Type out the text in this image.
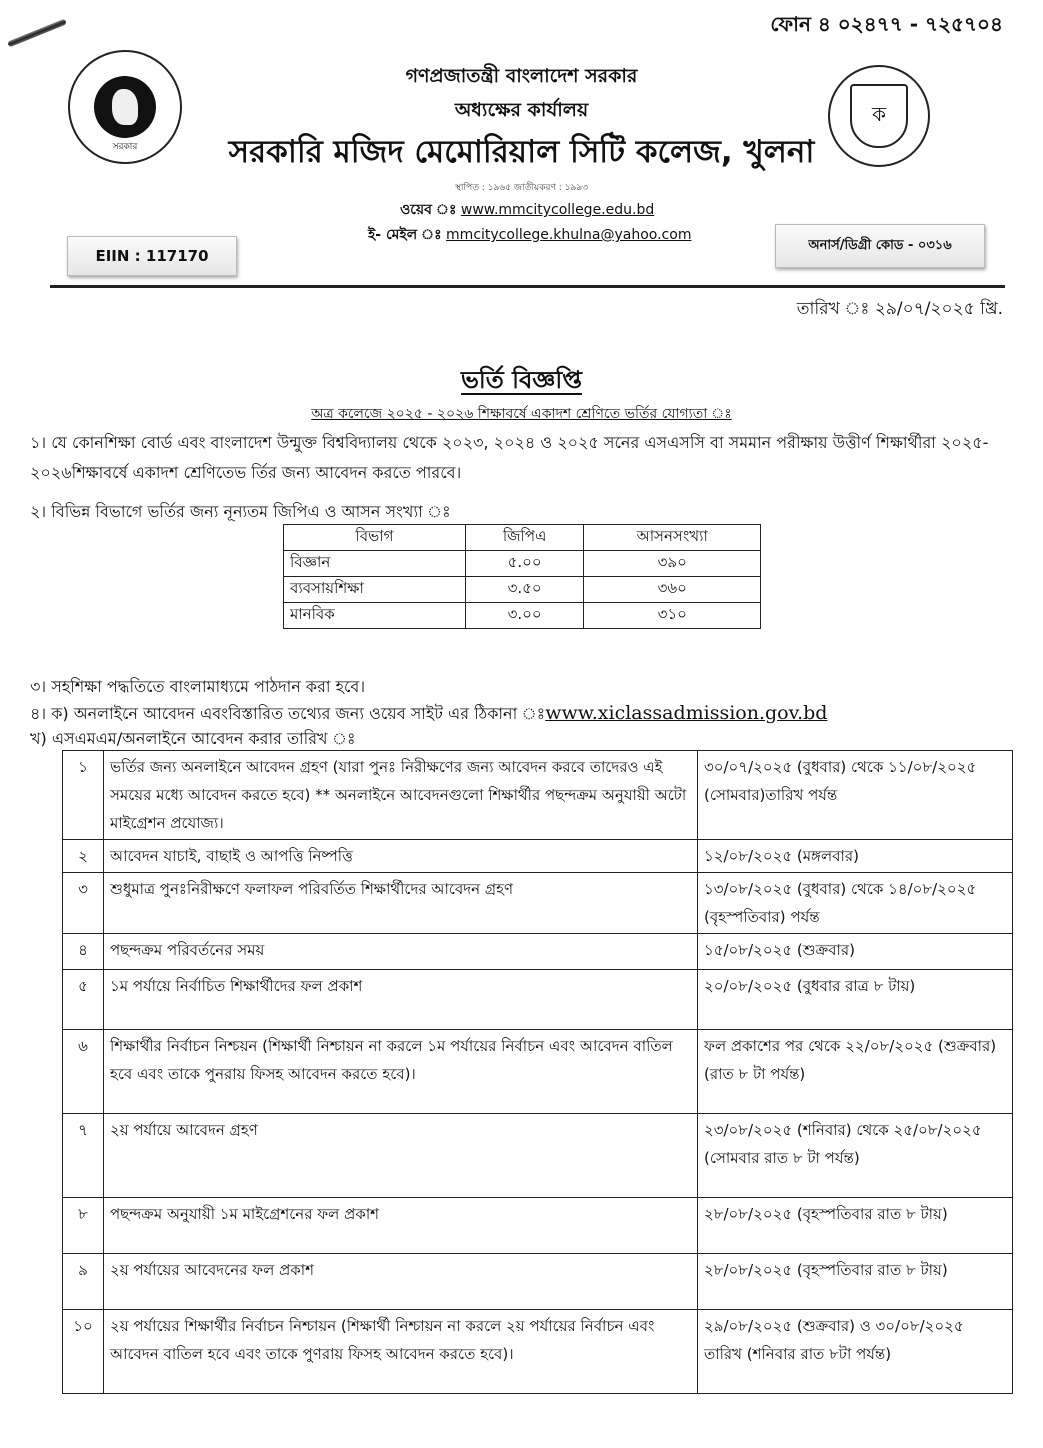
ফোন ৪ ০২৪৭৭ - ৭২৫৭০৪
সরকার
ক
গণপ্রজাতন্ত্রী বাংলাদেশ সরকার
অধ্যক্ষের কার্যালয়
সরকারি মজিদ মেমোরিয়াল সিটি কলেজ, খুলনা
স্থাপিত : ১৯৬৫ জাতীয়করণ : ১৯৯৩
ওয়েব ঃ www.mmcitycollege.edu.bd
ই- মেইল ঃ mmcitycollege.khulna@yahoo.com
EIIN : 117170
অনার্স/ডিগ্রী কোড - ০৩১৬
তারিখ ঃ ২৯/০৭/২০২৫ খ্রি.
ভর্তি বিজ্ঞপ্তি
অত্র কলেজে ২০২৫ - ২০২৬ শিক্ষাবর্ষে একাদশ শ্রেণিতে ভর্তির যোগ্যতা ঃ
১। যে কোনশিক্ষা বোর্ড এবং বাংলাদেশ উন্মুক্ত বিশ্ববিদ্যালয় থেকে ২০২৩, ২০২৪ ও ২০২৫ সনের এসএসসি বা সমমান পরীক্ষায় উত্তীর্ণ শিক্ষার্থীরা ২০২৫- ২০২৬শিক্ষাবর্ষে একাদশ শ্রেণিতেভ র্তির জন্য আবেদন করতে পারবে।
২। বিভিন্ন বিভাগে ভর্তির জন্য নূন্যতম জিপিএ ও আসন সংখ্যা ঃ
বিভাগ	জিপিএ	আসনসংখ্যা
বিজ্ঞান	৫.০০	৩৯০
ব্যবসায়শিক্ষা	৩.৫০	৩৬০
মানবিক	৩.০০	৩১০
৩। সহশিক্ষা পদ্ধতিতে বাংলামাধ্যমে পাঠদান করা হবে।
৪। ক) অনলাইনে আবেদন এবংবিস্তারিত তথ্যের জন্য ওয়েব সাইট এর ঠিকানা ঃwww.xiclassadmission.gov.bd
খ) এসএমএম/অনলাইনে আবেদন করার তারিখ ঃ
১	ভর্তির জন্য অনলাইনে আবেদন গ্রহণ (যারা পুনঃ নিরীক্ষণের জন্য আবেদন করবে তাদেরও এই সময়ের মধ্যে আবেদন করতে হবে) ** অনলাইনে আবেদনগুলো শিক্ষার্থীর পছন্দক্রম অনুযায়ী অটো মাইগ্রেশন প্রযোজ্য।	৩০/০৭/২০২৫ (বুধবার) থেকে ১১/০৮/২০২৫ (সোমবার)তারিখ পর্যন্ত
২	আবেদন যাচাই, বাছাই ও আপত্তি নিষ্পত্তি	১২/০৮/২০২৫ (মঙ্গলবার)
৩	শুধুমাত্র পুনঃনিরীক্ষণে ফলাফল পরিবর্তিত শিক্ষার্থীদের আবেদন গ্রহণ	১৩/০৮/২০২৫ (বুধবার) থেকে ১৪/০৮/২০২৫ (বৃহস্পতিবার) পর্যন্ত
৪	পছন্দক্রম পরিবর্তনের সময়	১৫/০৮/২০২৫ (শুক্রবার)
৫	১ম পর্যায়ে নির্বাচিত শিক্ষার্থীদের ফল প্রকাশ	২০/০৮/২০২৫ (বুধবার রাত্র ৮ টায়)
৬	শিক্ষার্থীর নির্বাচন নিশ্চয়ন (শিক্ষার্থী নিশ্চায়ন না করলে ১ম পর্যায়ের নির্বাচন এবং আবেদন বাতিল হবে এবং তাকে পুনরায় ফিসহ আবেদন করতে হবে)।	ফল প্রকাশের পর থেকে ২২/০৮/২০২৫ (শুক্রবার) (রাত ৮ টা পর্যন্ত)
৭	২য় পর্যায়ে আবেদন গ্রহণ	২৩/০৮/২০২৫ (শনিবার) থেকে ২৫/০৮/২০২৫ (সোমবার রাত ৮ টা পর্যন্ত)
৮	পছন্দক্রম অনুযায়ী ১ম মাইগ্রেশনের ফল প্রকাশ	২৮/০৮/২০২৫ (বৃহস্পতিবার রাত ৮ টায়)
৯	২য় পর্যায়ের আবেদনের ফল প্রকাশ	২৮/০৮/২০২৫ (বৃহস্পতিবার রাত ৮ টায়)
১০	২য় পর্যায়ের শিক্ষার্থীর নির্বাচন নিশ্চায়ন (শিক্ষার্থী নিশ্চায়ন না করলে ২য় পর্যায়ের নির্বাচন এবং আবেদন বাতিল হবে এবং তাকে পুণরায় ফিসহ আবেদন করতে হবে)।	২৯/০৮/২০২৫ (শুক্রবার) ও ৩০/০৮/২০২৫ তারিখ (শনিবার রাত ৮টা পর্যন্ত)
